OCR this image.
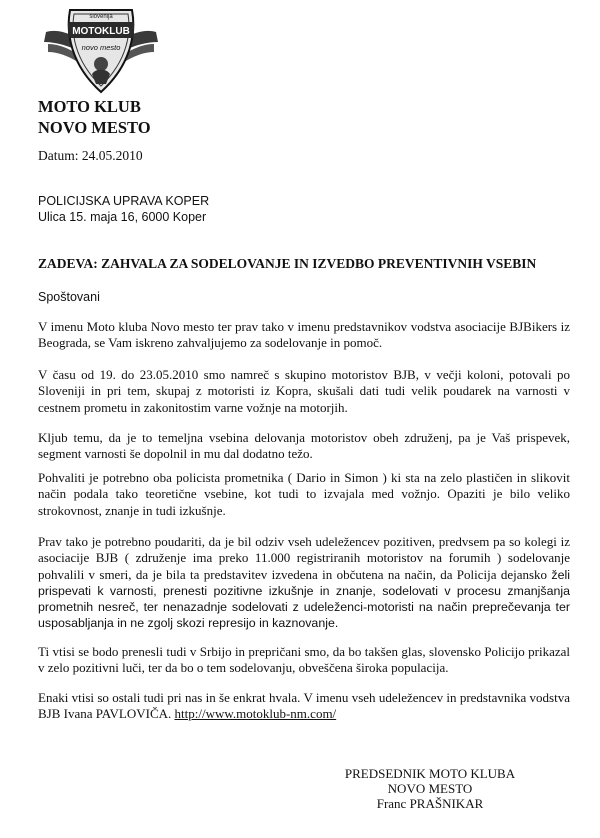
slovenija
MOTOKLUB
novo mesto
MOTO KLUB
NOVO MESTO
Datum: 24.05.2010
POLICIJSKA UPRAVA KOPER
Ulica 15. maja 16, 6000 Koper
ZADEVA: ZAHVALA ZA SODELOVANJE IN IZVEDBO PREVENTIVNIH VSEBIN
Spoštovani

V imenu Moto kluba Novo mesto ter prav tako v imenu predstavnikov vodstva asociacije BJBikers iz Beograda, se Vam iskreno zahvaljujemo za sodelovanje in pomoč.

V času od 19. do 23.05.2010 smo namreč s skupino motoristov BJB, v večji koloni, potovali po Sloveniji in pri tem, skupaj z motoristi iz Kopra, skušali dati tudi velik poudarek na varnosti v cestnem prometu in zakonitostim varne vožnje na motorjih.

Kljub temu, da je to temeljna vsebina delovanja motoristov obeh združenj, pa je Vaš prispevek, segment varnosti še dopolnil in mu dal dodatno težo.

Pohvaliti je potrebno oba policista prometnika ( Dario in Simon ) ki sta na zelo plastičen in slikovit način podala tako teoretične vsebine, kot tudi to izvajala med vožnjo. Opaziti je bilo veliko strokovnost, znanje in tudi izkušnje.

Prav tako je potrebno poudariti, da je bil odziv vseh udeležencev pozitiven, predvsem pa so kolegi iz asociacije BJB ( združenje ima preko 11.000 registriranih motoristov na forumih ) sodelovanje pohvalili v smeri, da je bila ta predstavitev izvedena in občutena na način, da Policija dejansko želi prispevati k varnosti, prenesti pozitivne izkušnje in znanje, sodelovati v procesu zmanjšanja prometnih nesreč, ter nenazadnje sodelovati z udeleženci-motoristi na način preprečevanja ter usposabljanja in ne zgolj skozi represijo in kaznovanje.

Ti vtisi se bodo prenesli tudi v Srbijo in prepričani smo, da bo takšen glas, slovensko Policijo prikazal v zelo pozitivni luči, ter da bo o tem sodelovanju, obveščena široka populacija.

Enaki vtisi so ostali tudi pri nas in še enkrat hvala. V imenu vseh udeležencev in predstavnika vodstva BJB Ivana PAVLOVIČA. http://www.motoklub-nm.com/

PREDSEDNIK MOTO KLUBA
NOVO MESTO
Franc PRAŠNIKAR
